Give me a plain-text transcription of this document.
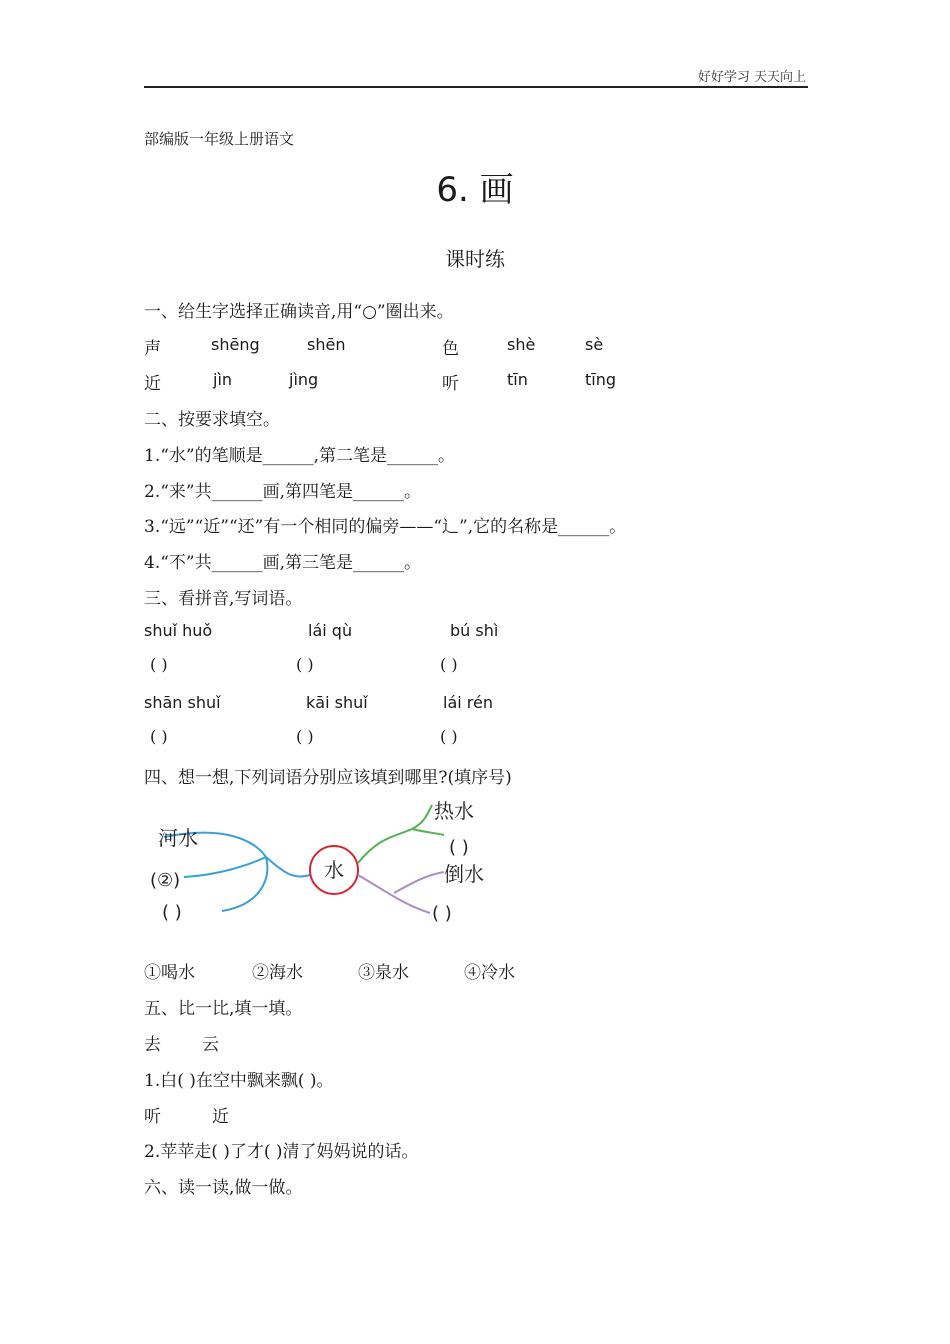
好好学习 天天向上
部编版一年级上册语文
6. 画
课时练
一、给生字选择正确读音,用“○”圈出来。
声	shēng	shēn	色	shè	sè
近	jìn	jìng	听	tīn	tīng
二、按要求填空。
1.“水”的笔顺是______,第二笔是______。
2.“来”共______画,第四笔是______。
3.“远”“近”“还”有一个相同的偏旁——“辶”,它的名称是______。
4.“不”共______画,第三笔是______。
三、看拼音,写词语。
shuǐ huǒ	lái qù	bú shì
( )	( )	( )
shān shuǐ	kāi shuǐ	lái rén
( )	( )	( )
四、想一想,下列词语分别应该填到哪里?(填序号)
水
河水
(②)
( )
热水
( )
倒水
( )
①喝水	②海水	③泉水	④冷水
五、比一比,填一填。
去 云
1.白( )在空中飘来飘( )。
听	近
2.苹苹走( )了才( )清了妈妈说的话。
六、读一读,做一做。
